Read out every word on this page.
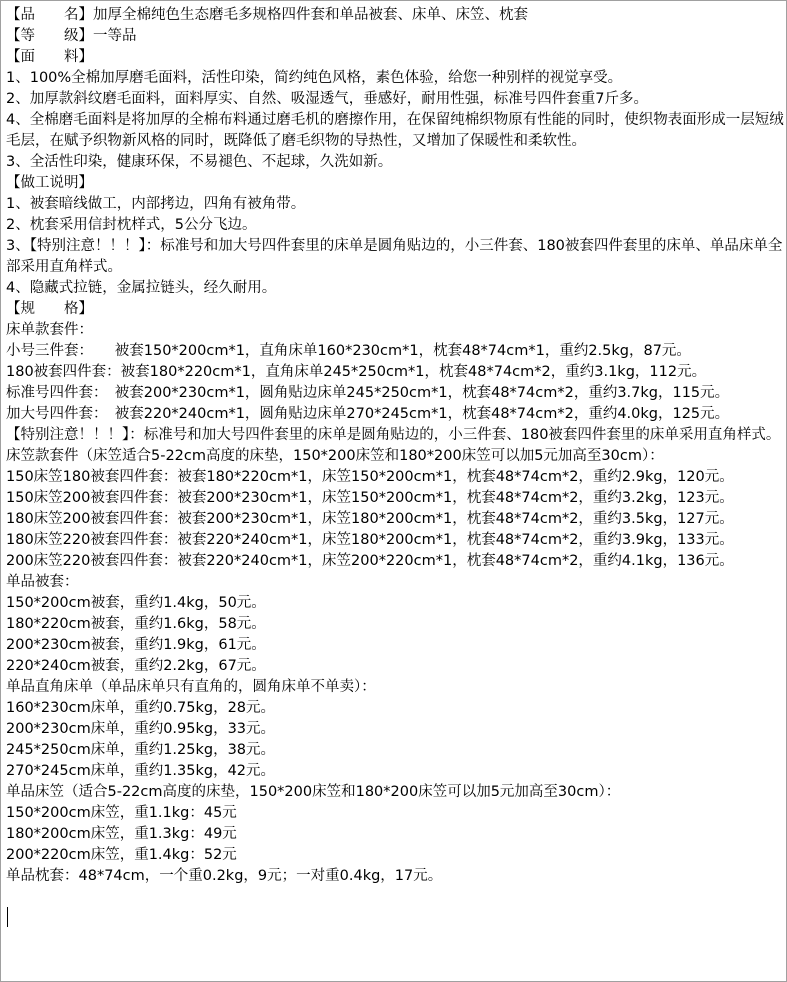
【品　　名】加厚全棉纯色生态磨毛多规格四件套和单品被套、床单、床笠、枕套

【等　　级】一等品

【面　　料】

1、100%全棉加厚磨毛面料，活性印染，简约纯色风格，素色体验，给您一种别样的视觉享受。

2、加厚款斜纹磨毛面料，面料厚实、自然、吸湿透气，垂感好，耐用性强，标准号四件套重7斤多。

4、全棉磨毛面料是将加厚的全棉布料通过磨毛机的磨擦作用，在保留纯棉织物原有性能的同时，使织物表面形成一层短绒毛层，在赋予织物新风格的同时，既降低了磨毛织物的导热性，又增加了保暖性和柔软性。

3、全活性印染，健康环保，不易褪色、不起球，久洗如新。

【做工说明】

1、被套暗线做工，内部拷边，四角有被角带。

2、枕套采用信封枕样式，5公分飞边。

3、【特别注意！！！】：标准号和加大号四件套里的床单是圆角贴边的，小三件套、180被套四件套里的床单、单品床单全部采用直角样式。

4、隐藏式拉链，金属拉链头，经久耐用。

【规　　格】

床单款套件：

小号三件套：　　被套150*200cm*1，直角床单160*230cm*1，枕套48*74cm*1，重约2.5kg，87元。

180被套四件套：被套180*220cm*1，直角床单245*250cm*1，枕套48*74cm*2，重约3.1kg，112元。

标准号四件套：　被套200*230cm*1，圆角贴边床单245*250cm*1，枕套48*74cm*2，重约3.7kg，115元。

加大号四件套：　被套220*240cm*1，圆角贴边床单270*245cm*1，枕套48*74cm*2，重约4.0kg，125元。

【特别注意！！！】：标准号和加大号四件套里的床单是圆角贴边的，小三件套、180被套四件套里的床单采用直角样式。

床笠款套件（床笠适合5-22cm高度的床垫，150*200床笠和180*200床笠可以加5元加高至30cm）：

150床笠180被套四件套：被套180*220cm*1，床笠150*200cm*1，枕套48*74cm*2，重约2.9kg，120元。

150床笠200被套四件套：被套200*230cm*1，床笠150*200cm*1，枕套48*74cm*2，重约3.2kg，123元。

180床笠200被套四件套：被套200*230cm*1，床笠180*200cm*1，枕套48*74cm*2，重约3.5kg，127元。

180床笠220被套四件套：被套220*240cm*1，床笠180*200cm*1，枕套48*74cm*2，重约3.9kg，133元。

200床笠220被套四件套：被套220*240cm*1，床笠200*220cm*1，枕套48*74cm*2，重约4.1kg，136元。

单品被套：

150*200cm被套，重约1.4kg，50元。

180*220cm被套，重约1.6kg，58元。

200*230cm被套，重约1.9kg，61元。

220*240cm被套，重约2.2kg，67元。

单品直角床单（单品床单只有直角的，圆角床单不单卖）：

160*230cm床单，重约0.75kg，28元。

200*230cm床单，重约0.95kg，33元。

245*250cm床单，重约1.25kg，38元。

270*245cm床单，重约1.35kg，42元。

单品床笠（适合5-22cm高度的床垫，150*200床笠和180*200床笠可以加5元加高至30cm）：

150*200cm床笠，重1.1kg：45元

180*200cm床笠，重1.3kg：49元

200*220cm床笠，重1.4kg：52元

单品枕套：48*74cm，一个重0.2kg，9元；一对重0.4kg，17元。
